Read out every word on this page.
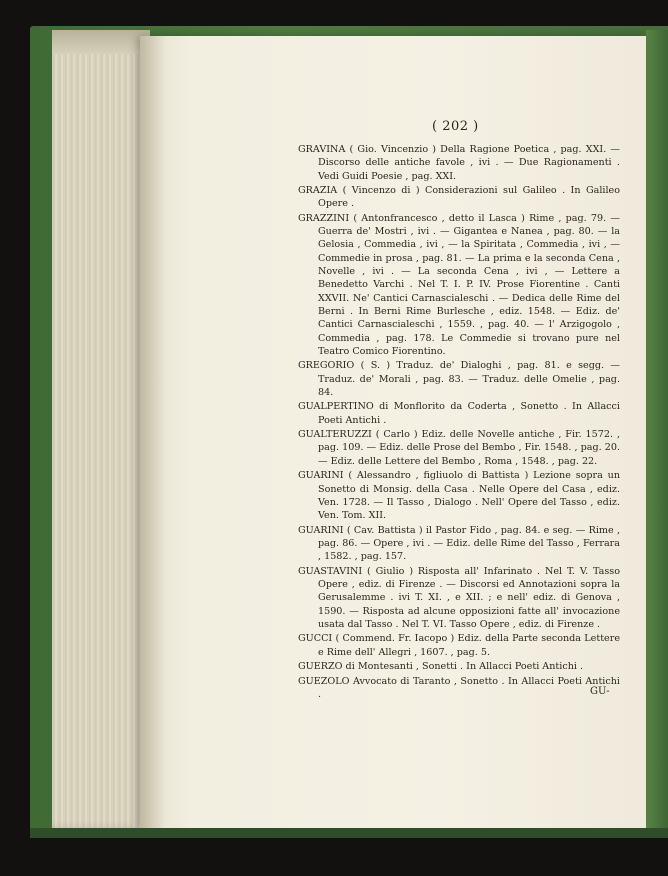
( 202 )

GRAVINA ( Gio. Vincenzio ) Della Ragione Poetica , pag. XXI. — Discorso delle antiche favole , ivi . — Due Ragionamenti . Vedi Guidi Poesie , pag. XXI.

GRAZIA ( Vincenzo di ) Considerazioni sul Galileo . In Galileo Opere .

GRAZZINI ( Antonfrancesco , detto il Lasca ) Rime , pag. 79. — Guerra de' Mostri , ivi . — Gigantea e Nanea , pag. 80. — la Gelosia , Commedia , ivi , — la Spiritata , Commedia , ivi , — Commedie in prosa , pag. 81. — La prima e la seconda Cena , Novelle , ivi . — La seconda Cena , ivi , — Lettere a Benedetto Varchi . Nel T. I. P. IV. Prose Fiorentine . Canti XXVII. Ne' Cantici Carnascialeschi . — Dedica delle Rime del Berni . In Berni Rime Burlesche , ediz. 1548. — Ediz. de' Cantici Carnascialeschi , 1559. , pag. 40. — l' Arzigogolo , Commedia , pag. 178. Le Commedie si trovano pure nel Teatro Comico Fiorentino.

GREGORIO ( S. ) Traduz. de' Dialoghi , pag. 81. e segg. — Traduz. de' Morali , pag. 83. — Traduz. delle Omelie , pag. 84.

GUALPERTINO di Monflorito da Coderta , Sonetto . In Allacci Poeti Antichi .

GUALTERUZZI ( Carlo ) Ediz. delle Novelle antiche , Fir. 1572. , pag. 109. — Ediz. delle Prose del Bembo , Fir. 1548. , pag. 20. — Ediz. delle Lettere del Bembo , Roma , 1548. , pag. 22.

GUARINI ( Alessandro , figliuolo di Battista ) Lezione sopra un Sonetto di Monsig. della Casa . Nelle Opere del Casa , ediz. Ven. 1728. — Il Tasso , Dialogo . Nell' Opere del Tasso , ediz. Ven. Tom. XII.

GUARINI ( Cav. Battista ) il Pastor Fido , pag. 84. e seg. — Rime , pag. 86. — Opere , ivi . — Ediz. delle Rime del Tasso , Ferrara , 1582. , pag. 157.

GUASTAVINI ( Giulio ) Risposta all' Infarinato . Nel T. V. Tasso Opere , ediz. di Firenze . — Discorsi ed Annotazioni sopra la Gerusalemme . ivi T. XI. , e XII. ; e nell' ediz. di Genova , 1590. — Risposta ad alcune opposizioni fatte all' invocazione usata dal Tasso . Nel T. VI. Tasso Opere , ediz. di Firenze .

GUCCI ( Commend. Fr. Iacopo ) Ediz. della Parte seconda Lettere e Rime dell' Allegri , 1607. , pag. 5.

GUERZO di Montesanti , Sonetti . In Allacci Poeti Antichi .

GUEZOLO Avvocato di Taranto , Sonetto . In Allacci Poeti Antichi .	GU-
